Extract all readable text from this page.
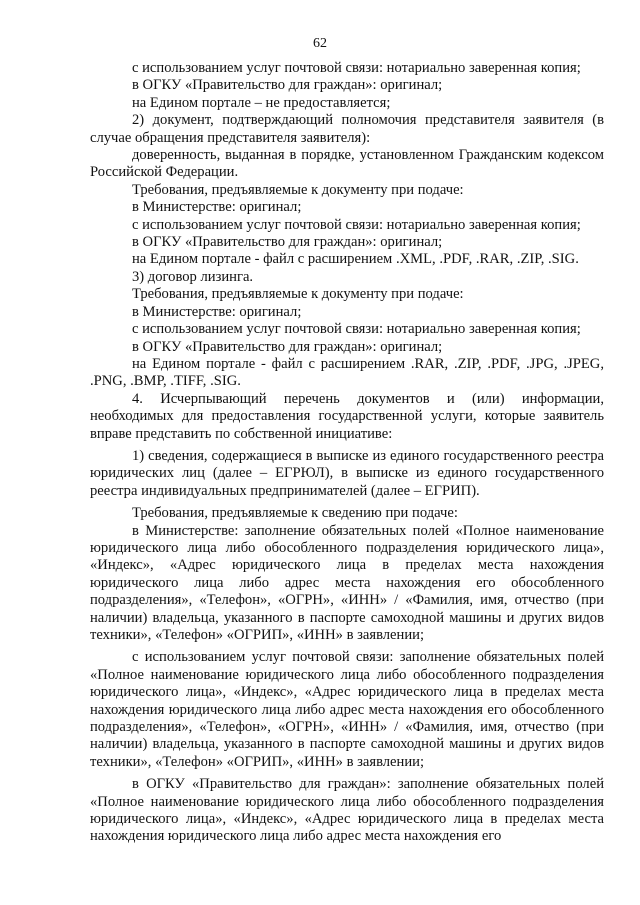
62

с использованием услуг почтовой связи: нотариально заверенная копия;

в ОГКУ «Правительство для граждан»: оригинал;

на Едином портале – не предоставляется;

2) документ, подтверждающий полномочия представителя заявителя (в случае обращения представителя заявителя):

доверенность, выданная в порядке, установленном Гражданским кодексом Российской Федерации.

Требования, предъявляемые к документу при подаче:

в Министерстве: оригинал;

с использованием услуг почтовой связи: нотариально заверенная копия;

в ОГКУ «Правительство для граждан»: оригинал;

на Едином портале - файл с расширением .XML, .PDF, .RAR, .ZIP, .SIG.

3) договор лизинга.

Требования, предъявляемые к документу при подаче:

в Министерстве: оригинал;

с использованием услуг почтовой связи: нотариально заверенная копия;

в ОГКУ «Правительство для граждан»: оригинал;

на Едином портале - файл с расширением .RAR, .ZIP, .PDF, .JPG, .JPEG, .PNG, .BMP, .TIFF, .SIG.

4. Исчерпывающий перечень документов и (или) информации, необходимых для предоставления государственной услуги, которые заявитель вправе представить по собственной инициативе:

1) сведения, содержащиеся в выписке из единого государственного реестра юридических лиц (далее – ЕГРЮЛ), в выписке из единого государственного реестра индивидуальных предпринимателей (далее – ЕГРИП).

Требования, предъявляемые к сведению при подаче:

в Министерстве: заполнение обязательных полей «Полное наименование юридического лица либо обособленного подразделения юридического лица», «Индекс», «Адрес юридического лица в пределах места нахождения юридического лица либо адрес места нахождения его обособленного подразделения», «Телефон», «ОГРН», «ИНН» / «Фамилия, имя, отчество (при наличии) владельца, указанного в паспорте самоходной машины и других видов техники», «Телефон» «ОГРИП», «ИНН» в заявлении;

с использованием услуг почтовой связи: заполнение обязательных полей «Полное наименование юридического лица либо обособленного подразделения юридического лица», «Индекс», «Адрес юридического лица в пределах места нахождения юридического лица либо адрес места нахождения его обособленного подразделения», «Телефон», «ОГРН», «ИНН» / «Фамилия, имя, отчество (при наличии) владельца, указанного в паспорте самоходной машины и других видов техники», «Телефон» «ОГРИП», «ИНН» в заявлении;

в ОГКУ «Правительство для граждан»: заполнение обязательных полей «Полное наименование юридического лица либо обособленного подразделения юридического лица», «Индекс», «Адрес юридического лица в пределах места нахождения юридического лица либо адрес места нахождения его
